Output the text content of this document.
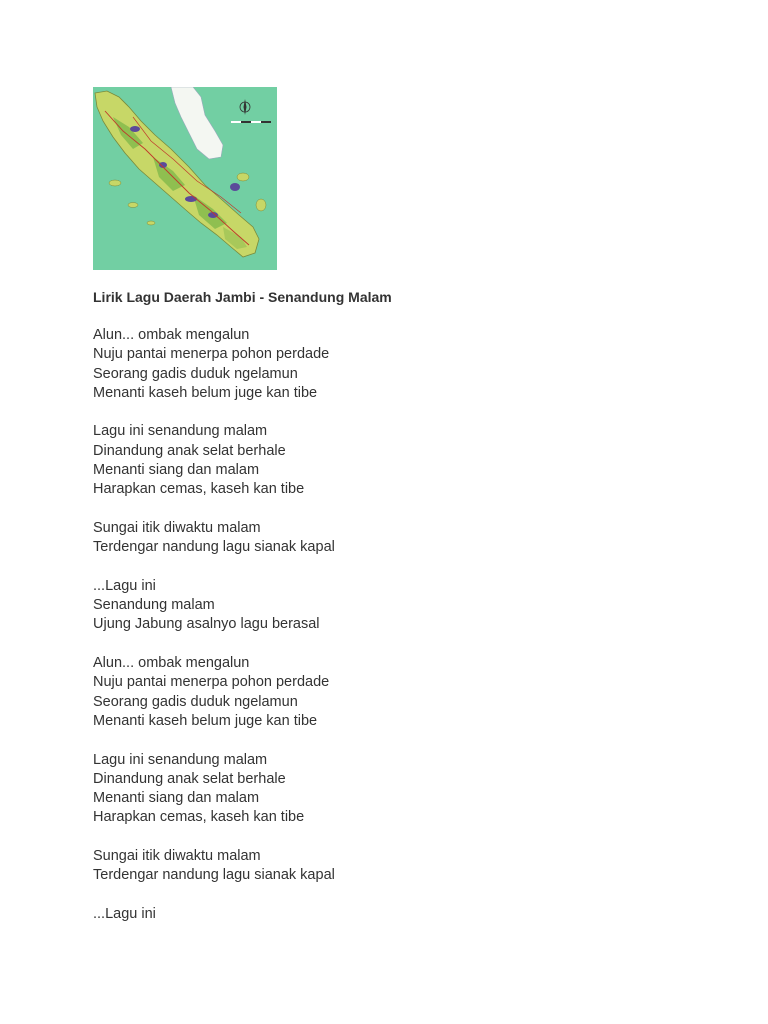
Lirik Lagu Daerah Jambi - Senandung Malam
Alun... ombak mengalun
Nuju pantai menerpa pohon perdade
Seorang gadis duduk ngelamun
Menanti kaseh belum juge kan tibe
Lagu ini senandung malam
Dinandung anak selat berhale
Menanti siang dan malam
Harapkan cemas, kaseh kan tibe
Sungai itik diwaktu malam
Terdengar nandung lagu sianak kapal
...Lagu ini
Senandung malam
Ujung Jabung asalnyo lagu berasal
Alun... ombak mengalun
Nuju pantai menerpa pohon perdade
Seorang gadis duduk ngelamun
Menanti kaseh belum juge kan tibe
Lagu ini senandung malam
Dinandung anak selat berhale
Menanti siang dan malam
Harapkan cemas, kaseh kan tibe
Sungai itik diwaktu malam
Terdengar nandung lagu sianak kapal
...Lagu ini
